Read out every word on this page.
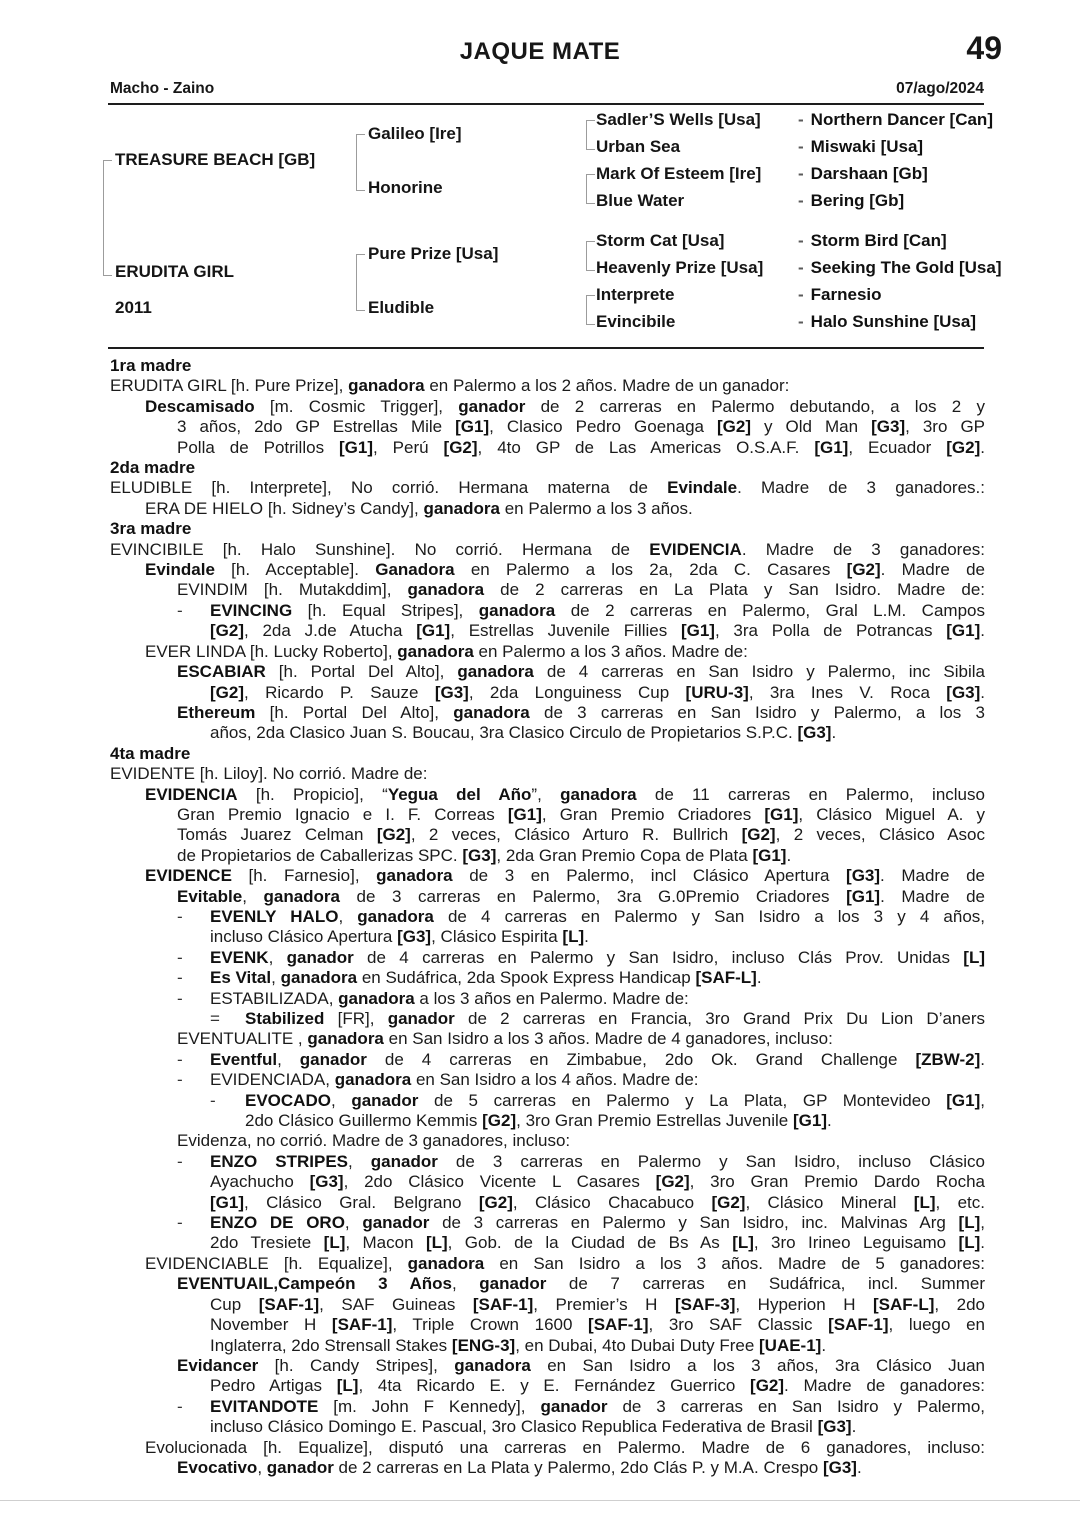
JAQUE MATE	49
Macho - Zaino	07/ago/2024
TREASURE BEACH [GB]
ERUDITA GIRL
2011
Galileo [Ire]
Honorine
Pure Prize [Usa]
Eludible
Sadler’S Wells [Usa]
Urban Sea
Mark Of Esteem [Ire]
Blue Water
Storm Cat [Usa]
Heavenly Prize [Usa]
Interprete
Evincibile
- Northern Dancer [Can]
- Miswaki [Usa]
- Darshaan [Gb]
- Bering [Gb]
- Storm Bird [Can]
- Seeking The Gold [Usa]
- Farnesio
- Halo Sunshine [Usa]
1ra madre
ERUDITA GIRL [h. Pure Prize], ganadora en Palermo a los 2 años. Madre de un ganador:
Descamisado [m. Cosmic Trigger], ganador de 2 carreras en Palermo debutando, a los 2 y
3 años, 2do GP Estrellas Mile [G1], Clasico Pedro Goenaga [G2] y Old Man [G3], 3ro GP
Polla de Potrillos [G1], Perú [G2], 4to GP de Las Americas O.S.A.F. [G1], Ecuador [G2].
2da madre
ELUDIBLE [h. Interprete], No corrió. Hermana materna de Evindale. Madre de 3 ganadores.:
ERA DE HIELO [h. Sidney’s Candy], ganadora en Palermo a los 3 años.
3ra madre
EVINCIBILE [h. Halo Sunshine]. No corrió. Hermana de EVIDENCIA. Madre de 3 ganadores:
Evindale [h. Acceptable]. Ganadora en Palermo a los 2a, 2da C. Casares [G2]. Madre de
EVINDIM [h. Mutakddim], ganadora de 2 carreras en La Plata y San Isidro. Madre de:
- EVINCING [h. Equal Stripes], ganadora de 2 carreras en Palermo, Gral L.M. Campos
[G2], 2da J.de Atucha [G1], Estrellas Juvenile Fillies [G1], 3ra Polla de Potrancas [G1].
EVER LINDA [h. Lucky Roberto], ganadora en Palermo a los 3 años. Madre de:
ESCABIAR [h. Portal Del Alto], ganadora de 4 carreras en San Isidro y Palermo, inc Sibila
[G2], Ricardo P. Sauze [G3], 2da Longuiness Cup [URU-3], 3ra Ines V. Roca [G3].
Ethereum [h. Portal Del Alto], ganadora de 3 carreras en San Isidro y Palermo, a los 3
años, 2da Clasico Juan S. Boucau, 3ra Clasico Circulo de Propietarios S.P.C. [G3].
4ta madre
EVIDENTE [h. Liloy]. No corrió. Madre de:
EVIDENCIA [h. Propicio], “Yegua del Año”, ganadora de 11 carreras en Palermo, incluso
Gran Premio Ignacio e I. F. Correas [G1], Gran Premio Criadores [G1], Clásico Miguel A. y
Tomás Juarez Celman [G2], 2 veces, Clásico Arturo R. Bullrich [G2], 2 veces, Clásico Asoc
de Propietarios de Caballerizas SPC. [G3], 2da Gran Premio Copa de Plata [G1].
EVIDENCE [h. Farnesio], ganadora de 3 en Palermo, incl Clásico Apertura [G3]. Madre de
Evitable, ganadora de 3 carreras en Palermo, 3ra G.0Premio Criadores [G1]. Madre de
- EVENLY HALO, ganadora de 4 carreras en Palermo y San Isidro a los 3 y 4 años,
incluso Clásico Apertura [G3], Clásico Espirita [L].
- EVENK, ganador de 4 carreras en Palermo y San Isidro, incluso Clás Prov. Unidas [L]
- Es Vital, ganadora en Sudáfrica, 2da Spook Express Handicap [SAF-L].
- ESTABILIZADA, ganadora a los 3 años en Palermo. Madre de:
= Stabilized [FR], ganador de 2 carreras en Francia, 3ro Grand Prix Du Lion D’aners
EVENTUALITE , ganadora en San Isidro a los 3 años. Madre de 4 ganadores, incluso:
- Eventful, ganador de 4 carreras en Zimbabue, 2do Ok. Grand Challenge [ZBW-2].
- EVIDENCIADA, ganadora en San Isidro a los 4 años. Madre de:
- EVOCADO, ganador de 5 carreras en Palermo y La Plata, GP Montevideo [G1],
2do Clásico Guillermo Kemmis [G2], 3ro Gran Premio Estrellas Juvenile [G1].
Evidenza, no corrió. Madre de 3 ganadores, incluso:
- ENZO STRIPES, ganador de 3 carreras en Palermo y San Isidro, incluso Clásico
Ayachucho [G3], 2do Clásico Vicente L Casares [G2], 3ro Gran Premio Dardo Rocha
[G1], Clásico Gral. Belgrano [G2], Clásico Chacabuco [G2], Clásico Mineral [L], etc.
- ENZO DE ORO, ganador de 3 carreras en Palermo y San Isidro, inc. Malvinas Arg [L],
2do Tresiete [L], Macon [L], Gob. de la Ciudad de Bs As [L], 3ro Irineo Leguisamo [L].
EVIDENCIABLE [h. Equalize], ganadora en San Isidro a los 3 años. Madre de 5 ganadores:
EVENTUAIL,Campeón 3 Años, ganador de 7 carreras en Sudáfrica, incl. Summer
Cup [SAF-1], SAF Guineas [SAF-1], Premier’s H [SAF-3], Hyperion H [SAF-L], 2do
November H [SAF-1], Triple Crown 1600 [SAF-1], 3ro SAF Classic [SAF-1], luego en
Inglaterra, 2do Strensall Stakes [ENG-3], en Dubai, 4to Dubai Duty Free [UAE-1].
Evidancer [h. Candy Stripes], ganadora en San Isidro a los 3 años, 3ra Clásico Juan
Pedro Artigas [L], 4ta Ricardo E. y E. Fernández Guerrico [G2]. Madre de ganadores:
- EVITANDOTE [m. John F Kennedy], ganador de 3 carreras en San Isidro y Palermo,
incluso Clásico Domingo E. Pascual, 3ro Clasico Republica Federativa de Brasil [G3].
Evolucionada [h. Equalize], disputó una carreras en Palermo. Madre de 6 ganadores, incluso:
Evocativo, ganador de 2 carreras en La Plata y Palermo, 2do Clás P. y M.A. Crespo [G3].
